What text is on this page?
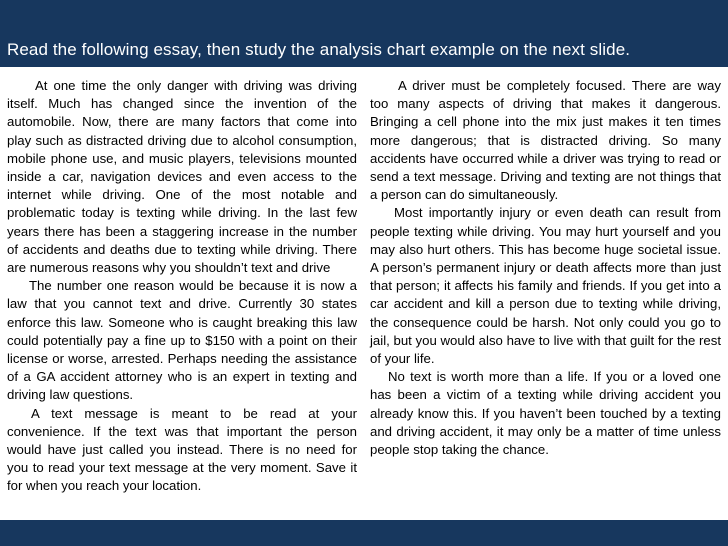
Read the following essay, then study the analysis chart example on the next slide.

At one time the only danger with driving was driving itself. Much has changed since the invention of the automobile. Now, there are many factors that come into play such as distracted driving due to alcohol consumption, mobile phone use, and music players, televisions mounted inside a car, navigation devices and even access to the internet while driving. One of the most notable and problematic today is texting while driving. In the last few years there has been a staggering increase in the number of accidents and deaths due to texting while driving. There are numerous reasons why you shouldn’t text and drive

The number one reason would be because it is now a law that you cannot text and drive. Currently 30 states enforce this law. Someone who is caught breaking this law could potentially pay a fine up to $150 with a point on their license or worse, arrested. Perhaps needing the assistance of a GA accident attorney who is an expert in texting and driving law questions.

A text message is meant to be read at your convenience. If the text was that important the person would have just called you instead. There is no need for you to read your text message at the very moment. Save it for when you reach your location.

A driver must be completely focused. There are way too many aspects of driving that makes it dangerous. Bringing a cell phone into the mix just makes it ten times more dangerous; that is distracted driving. So many accidents have occurred while a driver was trying to read or send a text message. Driving and texting are not things that a person can do simultaneously.

Most importantly injury or even death can result from people texting while driving. You may hurt yourself and you may also hurt others. This has become huge societal issue. A person’s permanent injury or death affects more than just that person; it affects his family and friends. If you get into a car accident and kill a person due to texting while driving, the consequence could be harsh. Not only could you go to jail, but you would also have to live with that guilt for the rest of your life.

No text is worth more than a life. If you or a loved one has been a victim of a texting while driving accident you already know this. If you haven’t been touched by a texting and driving accident, it may only be a matter of time unless people stop taking the chance.
